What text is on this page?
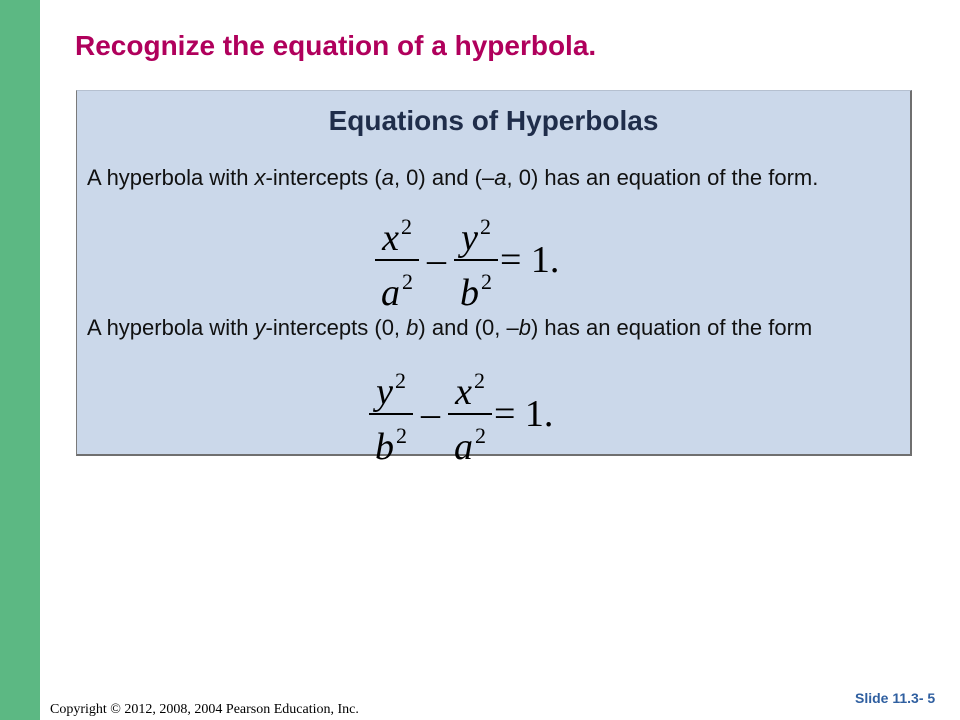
Recognize the equation of a hyperbola.
Equations of Hyperbolas
A hyperbola with x-intercepts (a, 0) and (–a, 0) has an equation of the form.
$\frac{x^2}{a^2} - \frac{y^2}{b^2} = 1$.
A hyperbola with y-intercepts (0, b) and (0, –b) has an equation of the form
$\frac{y^2}{b^2} - \frac{x^2}{a^2} = 1$.
Copyright © 2012, 2008, 2004 Pearson Education, Inc.
Slide 11.3- 5
